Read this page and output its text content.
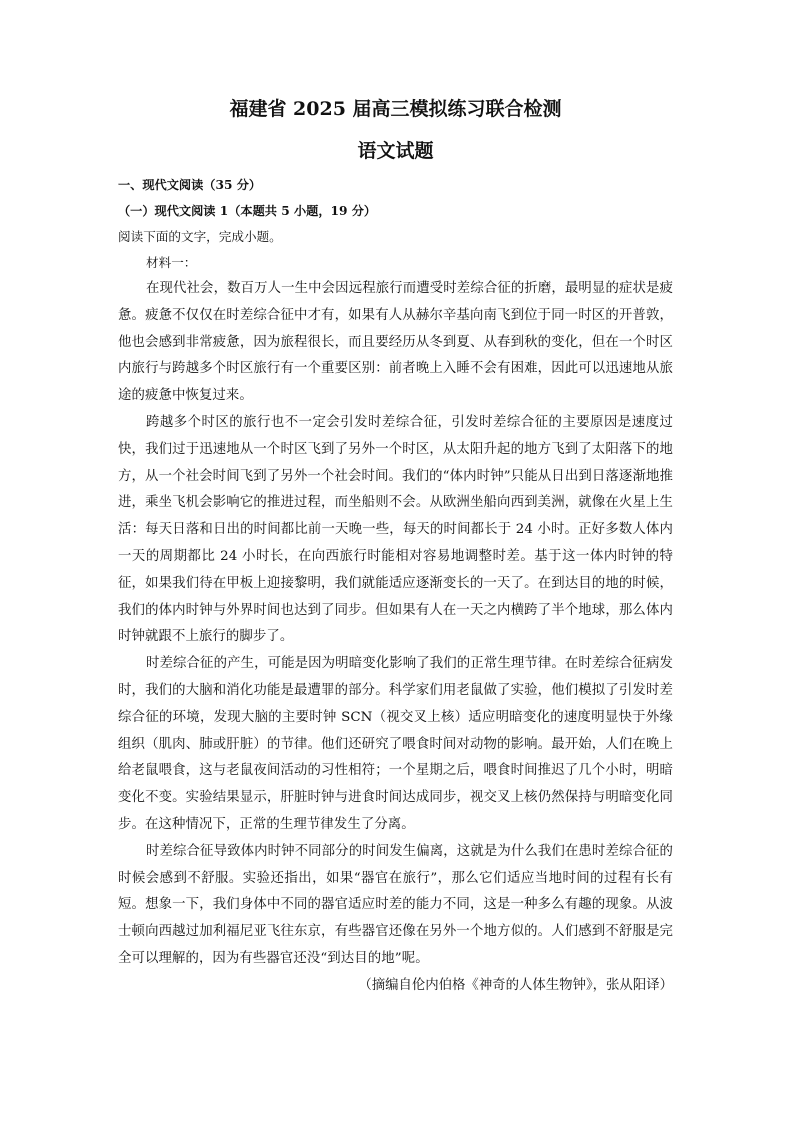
福建省 2025 届高三模拟练习联合检测
语文试题

一、现代文阅读（35 分）

（一）现代文阅读 1（本题共 5 小题，19 分）

阅读下面的文字，完成小题。

材料一：

在现代社会，数百万人一生中会因远程旅行而遭受时差综合征的折磨，最明显的症状是疲惫。疲惫不仅仅在时差综合征中才有，如果有人从赫尔辛基向南飞到位于同一时区的开普敦，他也会感到非常疲惫，因为旅程很长，而且要经历从冬到夏、从春到秋的变化，但在一个时区内旅行与跨越多个时区旅行有一个重要区别：前者晚上入睡不会有困难，因此可以迅速地从旅途的疲惫中恢复过来。

跨越多个时区的旅行也不一定会引发时差综合征，引发时差综合征的主要原因是速度过快，我们过于迅速地从一个时区飞到了另外一个时区，从太阳升起的地方飞到了太阳落下的地方，从一个社会时间飞到了另外一个社会时间。我们的“体内时钟”只能从日出到日落逐渐地推进，乘坐飞机会影响它的推进过程，而坐船则不会。从欧洲坐船向西到美洲，就像在火星上生活：每天日落和日出的时间都比前一天晚一些，每天的时间都长于 24 小时。正好多数人体内一天的周期都比 24 小时长，在向西旅行时能相对容易地调整时差。基于这一体内时钟的特征，如果我们待在甲板上迎接黎明，我们就能适应逐渐变长的一天了。在到达目的地的时候，我们的体内时钟与外界时间也达到了同步。但如果有人在一天之内横跨了半个地球，那么体内时钟就跟不上旅行的脚步了。

时差综合征的产生，可能是因为明暗变化影响了我们的正常生理节律。在时差综合征病发时，我们的大脑和消化功能是最遭罪的部分。科学家们用老鼠做了实验，他们模拟了引发时差综合征的环境，发现大脑的主要时钟 SCN（视交叉上核）适应明暗变化的速度明显快于外缘组织（肌肉、肺或肝脏）的节律。他们还研究了喂食时间对动物的影响。最开始，人们在晚上给老鼠喂食，这与老鼠夜间活动的习性相符；一个星期之后，喂食时间推迟了几个小时，明暗变化不变。实验结果显示，肝脏时钟与进食时间达成同步，视交叉上核仍然保持与明暗变化同步。在这种情况下，正常的生理节律发生了分离。

时差综合征导致体内时钟不同部分的时间发生偏离，这就是为什么我们在患时差综合征的时候会感到不舒服。实验还指出，如果“器官在旅行”，那么它们适应当地时间的过程有长有短。想象一下，我们身体中不同的器官适应时差的能力不同，这是一种多么有趣的现象。从波士顿向西越过加利福尼亚飞往东京，有些器官还像在另外一个地方似的。人们感到不舒服是完全可以理解的，因为有些器官还没“到达目的地”呢。

（摘编自伦内伯格《神奇的人体生物钟》，张从阳译）
